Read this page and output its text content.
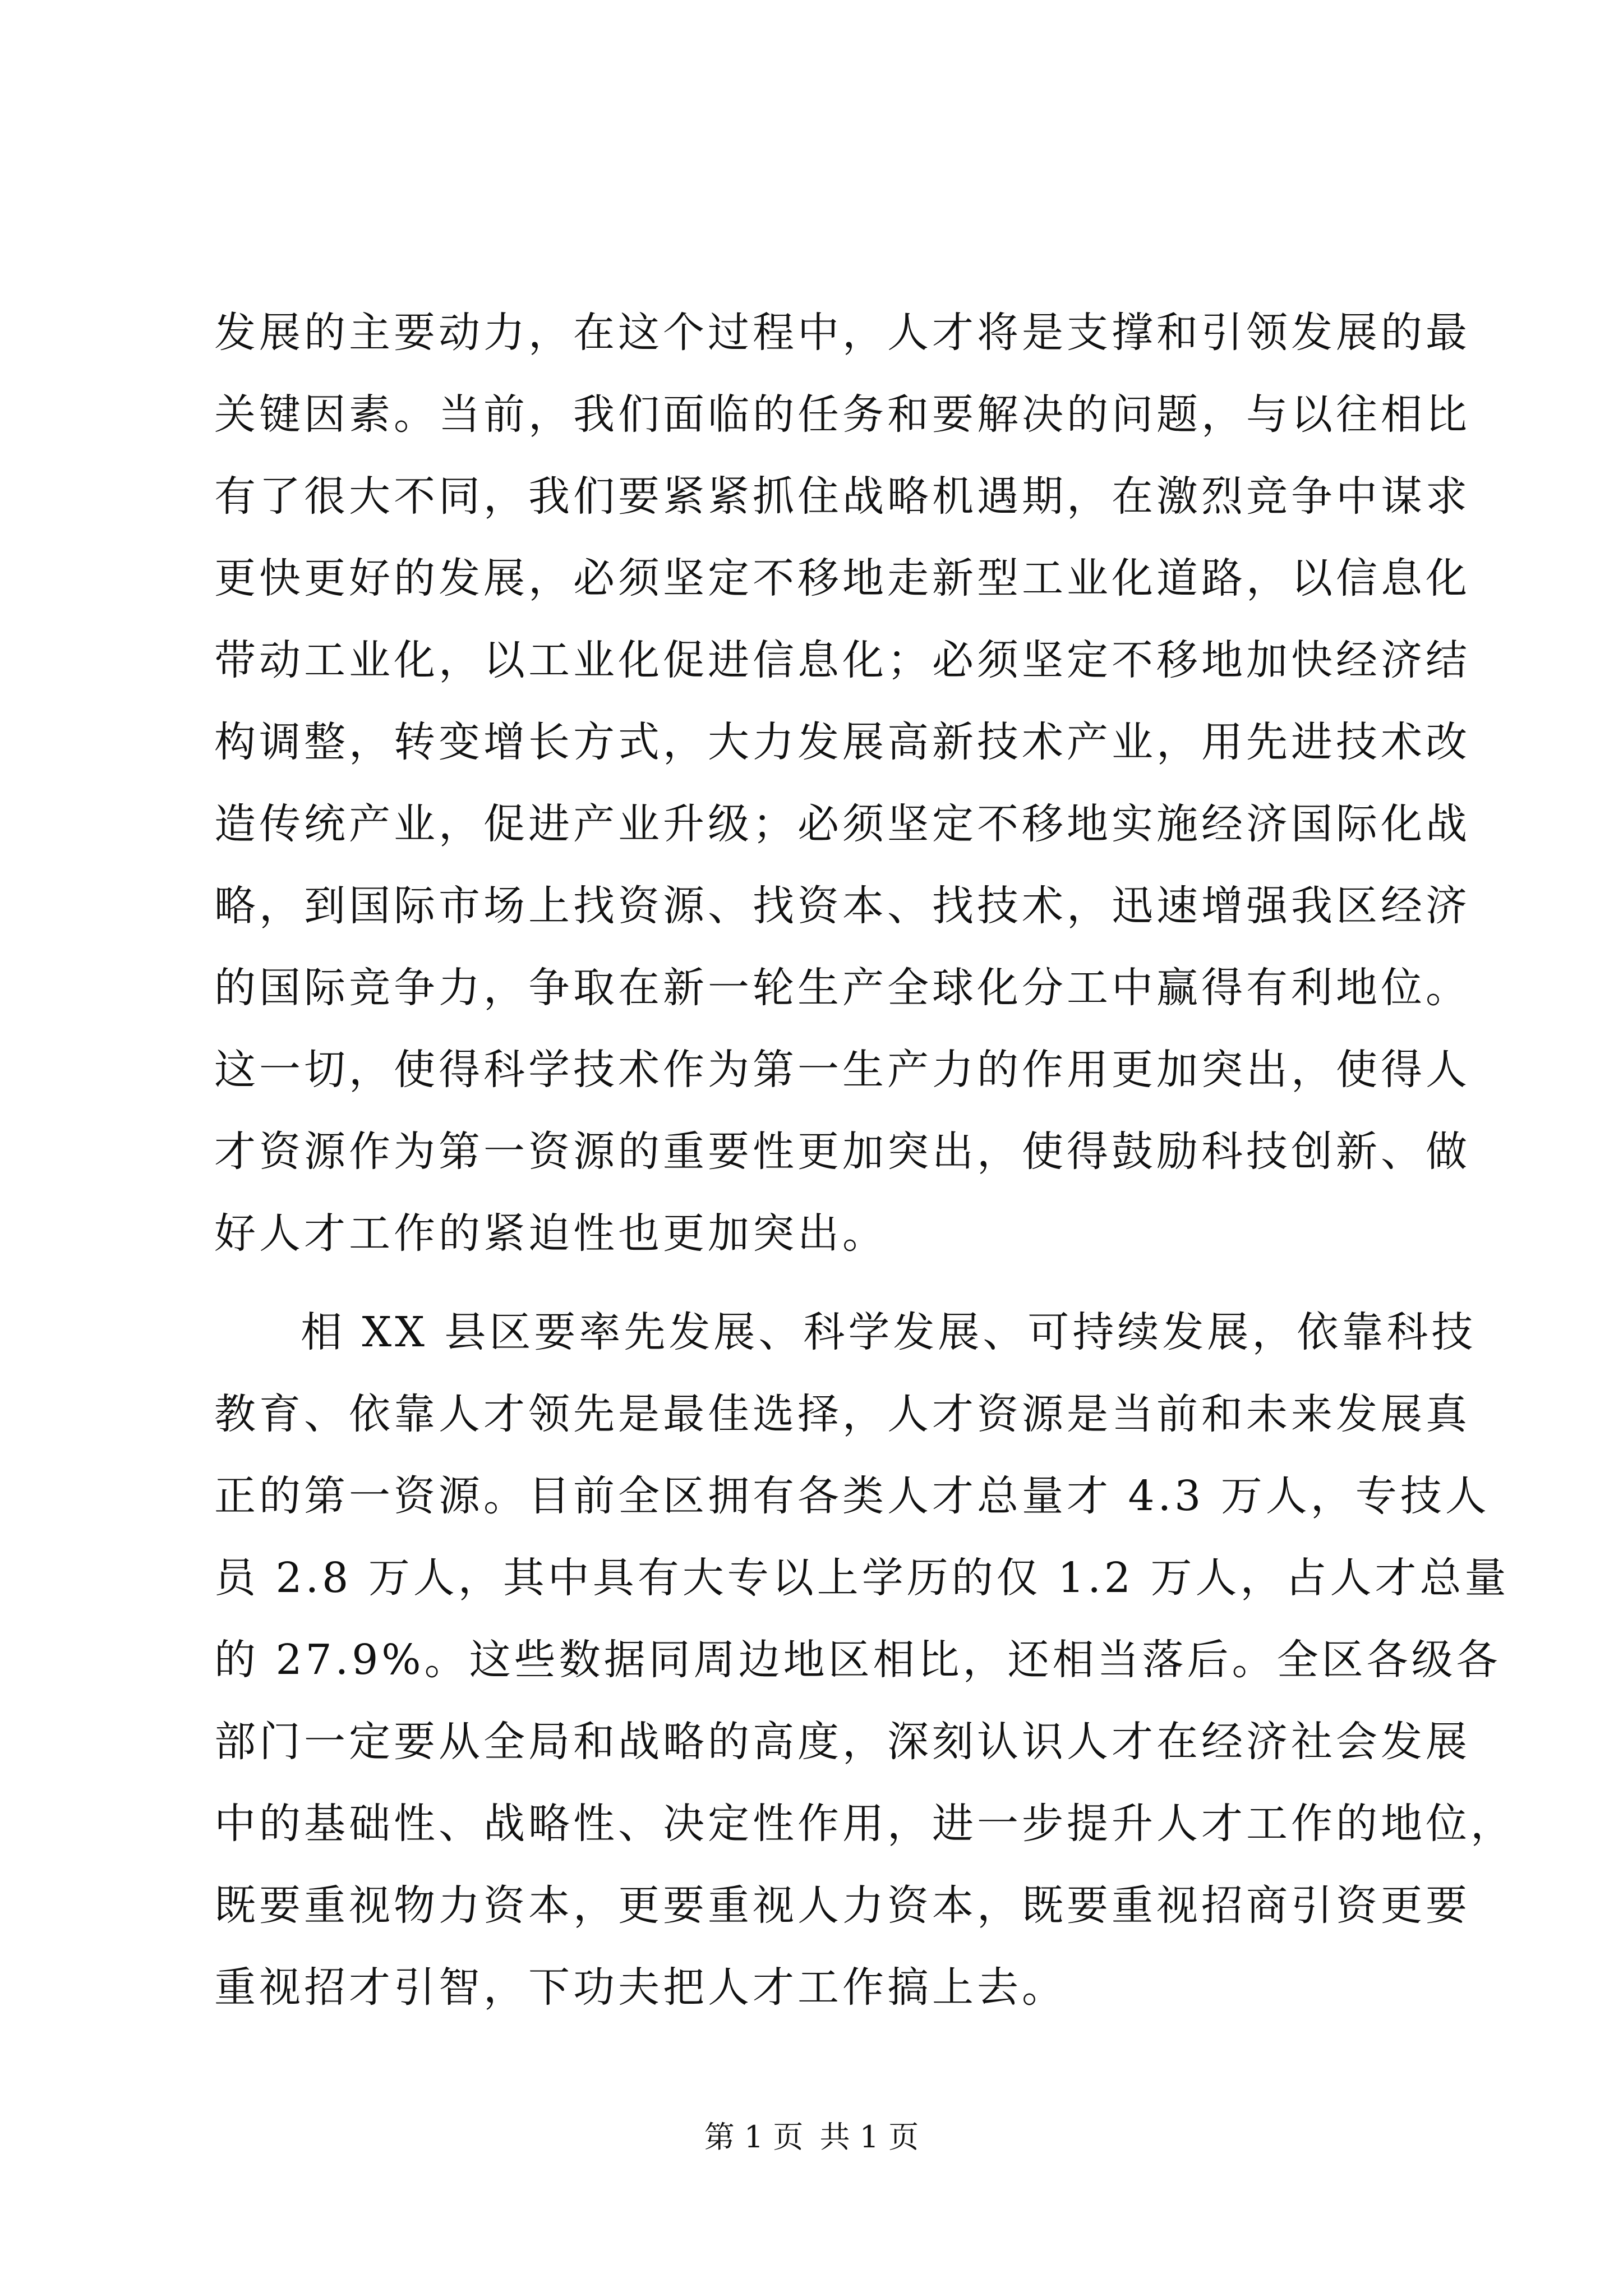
发展的主要动力，在这个过程中，人才将是支撑和引领发展的最
关键因素。当前，我们面临的任务和要解决的问题，与以往相比
有了很大不同，我们要紧紧抓住战略机遇期，在激烈竞争中谋求
更快更好的发展，必须坚定不移地走新型工业化道路，以信息化
带动工业化，以工业化促进信息化；必须坚定不移地加快经济结
构调整，转变增长方式，大力发展高新技术产业，用先进技术改
造传统产业，促进产业升级；必须坚定不移地实施经济国际化战
略，到国际市场上找资源、找资本、找技术，迅速增强我区经济
的国际竞争力，争取在新一轮生产全球化分工中赢得有利地位。
这一切，使得科学技术作为第一生产力的作用更加突出，使得人
才资源作为第一资源的重要性更加突出，使得鼓励科技创新、做
好人才工作的紧迫性也更加突出。
相 XX 县区要率先发展、科学发展、可持续发展，依靠科技
教育、依靠人才领先是最佳选择，人才资源是当前和未来发展真
正的第一资源。目前全区拥有各类人才总量才 4.3 万人，专技人
员 2.8 万人，其中具有大专以上学历的仅 1.2 万人，占人才总量
的 27.9%。这些数据同周边地区相比，还相当落后。全区各级各
部门一定要从全局和战略的高度，深刻认识人才在经济社会发展
中的基础性、战略性、决定性作用，进一步提升人才工作的地位，
既要重视物力资本，更要重视人力资本，既要重视招商引资更要
重视招才引智，下功夫把人才工作搞上去。
第 1 页 共 1 页
